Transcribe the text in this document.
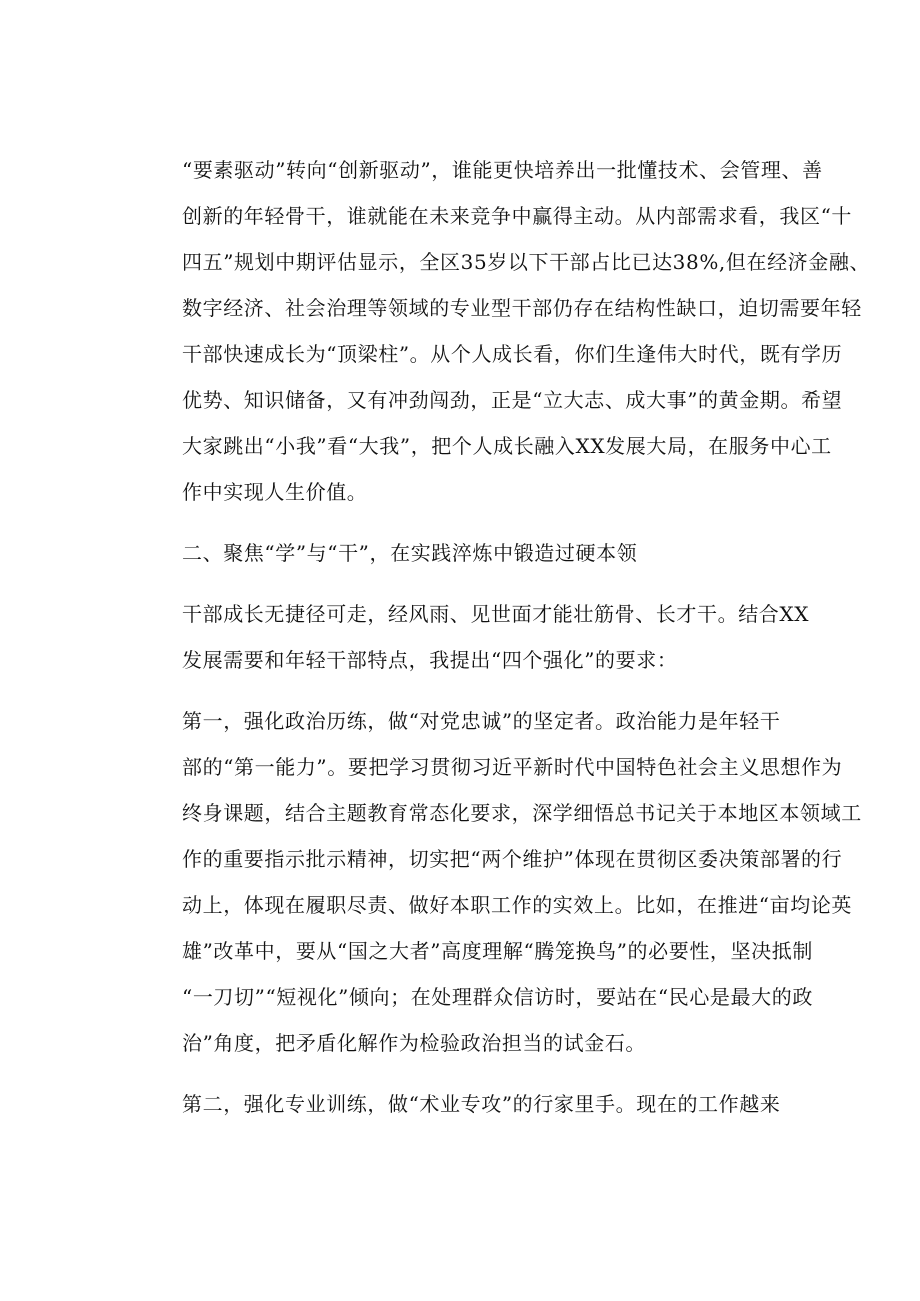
“要素驱动”转向“创新驱动”，谁能更快培养出一批懂技术、会管理、善
创新的年轻骨干，谁就能在未来竞争中赢得主动。从内部需求看，我区“十
四五”规划中期评估显示，全区35岁以下干部占比已达38%,但在经济金融、
数字经济、社会治理等领域的专业型干部仍存在结构性缺口，迫切需要年轻
干部快速成长为“顶梁柱”。从个人成长看，你们生逢伟大时代，既有学历
优势、知识储备，又有冲劲闯劲，正是“立大志、成大事”的黄金期。希望
大家跳出“小我”看“大我”，把个人成长融入XX发展大局，在服务中心工
作中实现人生价值。
二、聚焦“学”与“干”，在实践淬炼中锻造过硬本领
干部成长无捷径可走，经风雨、见世面才能壮筋骨、长才干。结合XX
发展需要和年轻干部特点，我提出“四个强化”的要求：
第一，强化政治历练，做“对党忠诚”的坚定者。政治能力是年轻干
部的“第一能力”。要把学习贯彻习近平新时代中国特色社会主义思想作为
终身课题，结合主题教育常态化要求，深学细悟总书记关于本地区本领域工
作的重要指示批示精神，切实把“两个维护”体现在贯彻区委决策部署的行
动上，体现在履职尽责、做好本职工作的实效上。比如，在推进“亩均论英
雄”改革中，要从“国之大者”高度理解“腾笼换鸟”的必要性，坚决抵制
“一刀切”“短视化”倾向；在处理群众信访时，要站在“民心是最大的政
治”角度，把矛盾化解作为检验政治担当的试金石。
第二，强化专业训练，做“术业专攻”的行家里手。现在的工作越来
